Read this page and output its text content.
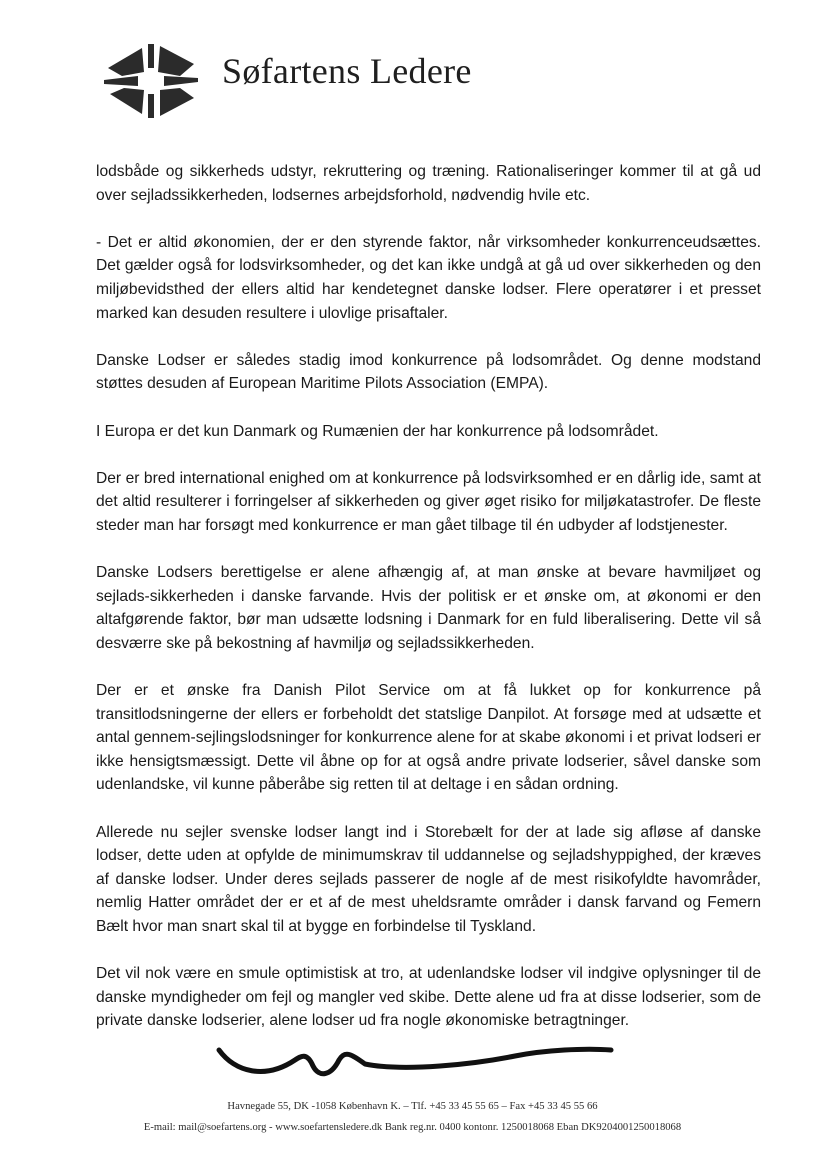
Søfartens Ledere

lodsbåde og sikkerheds udstyr, rekruttering og træning. Rationaliseringer kommer til at gå ud over sejladssikkerheden, lodsernes arbejdsforhold, nødvendig hvile etc.

- Det er altid økonomien, der er den styrende faktor, når virksomheder konkurrenceudsættes. Det gælder også for lodsvirksomheder, og det kan ikke undgå at gå ud over sikkerheden og den miljøbevidsthed der ellers altid har kendetegnet danske lodser. Flere operatører i et presset marked kan desuden resultere i ulovlige prisaftaler.

Danske Lodser er således stadig imod konkurrence på lodsområdet. Og denne modstand støttes desuden af European Maritime Pilots Association (EMPA).

I Europa er det kun Danmark og Rumænien der har konkurrence på lodsområdet.

Der er bred international enighed om at konkurrence på lodsvirksomhed er en dårlig ide, samt at det altid resulterer i forringelser af sikkerheden og giver øget risiko for miljøkatastrofer. De fleste steder man har forsøgt med konkurrence er man gået tilbage til én udbyder af lodstjenester.

Danske Lodsers berettigelse er alene afhængig af, at man ønske at bevare havmiljøet og sejlads-sikkerheden i danske farvande. Hvis der politisk er et ønske om, at økonomi er den altafgørende faktor, bør man udsætte lodsning i Danmark for en fuld liberalisering. Dette vil så desværre ske på bekostning af havmiljø og sejladssikkerheden.

Der er et ønske fra Danish Pilot Service om at få lukket op for konkurrence på transitlodsningerne der ellers er forbeholdt det statslige Danpilot. At forsøge med at udsætte et antal gennem-sejlingslodsninger for konkurrence alene for at skabe økonomi i et privat lodseri er ikke hensigtsmæssigt. Dette vil åbne op for at også andre private lodserier, såvel danske som udenlandske, vil kunne påberåbe sig retten til at deltage i en sådan ordning.

Allerede nu sejler svenske lodser langt ind i Storebælt for der at lade sig afløse af danske lodser, dette uden at opfylde de minimumskrav til uddannelse og sejladshyppighed, der kræves af danske lodser. Under deres sejlads passerer de nogle af de mest risikofyldte havområder, nemlig Hatter området der er et af de mest uheldsramte områder i dansk farvand og Femern Bælt hvor man snart skal til at bygge en forbindelse til Tyskland.

Det vil nok være en smule optimistisk at tro, at udenlandske lodser vil indgive oplysninger til de danske myndigheder om fejl og mangler ved skibe. Dette alene ud fra at disse lodserier, som de private danske lodserier, alene lodser ud fra nogle økonomiske betragtninger.

Havnegade 55, DK -1058 København K. – Tlf. +45 33 45 55 65 – Fax +45 33 45 55 66
E-mail: mail@soefartens.org - www.soefartensledere.dk Bank reg.nr. 0400 kontonr. 1250018068 Eban DK9204001250018068
